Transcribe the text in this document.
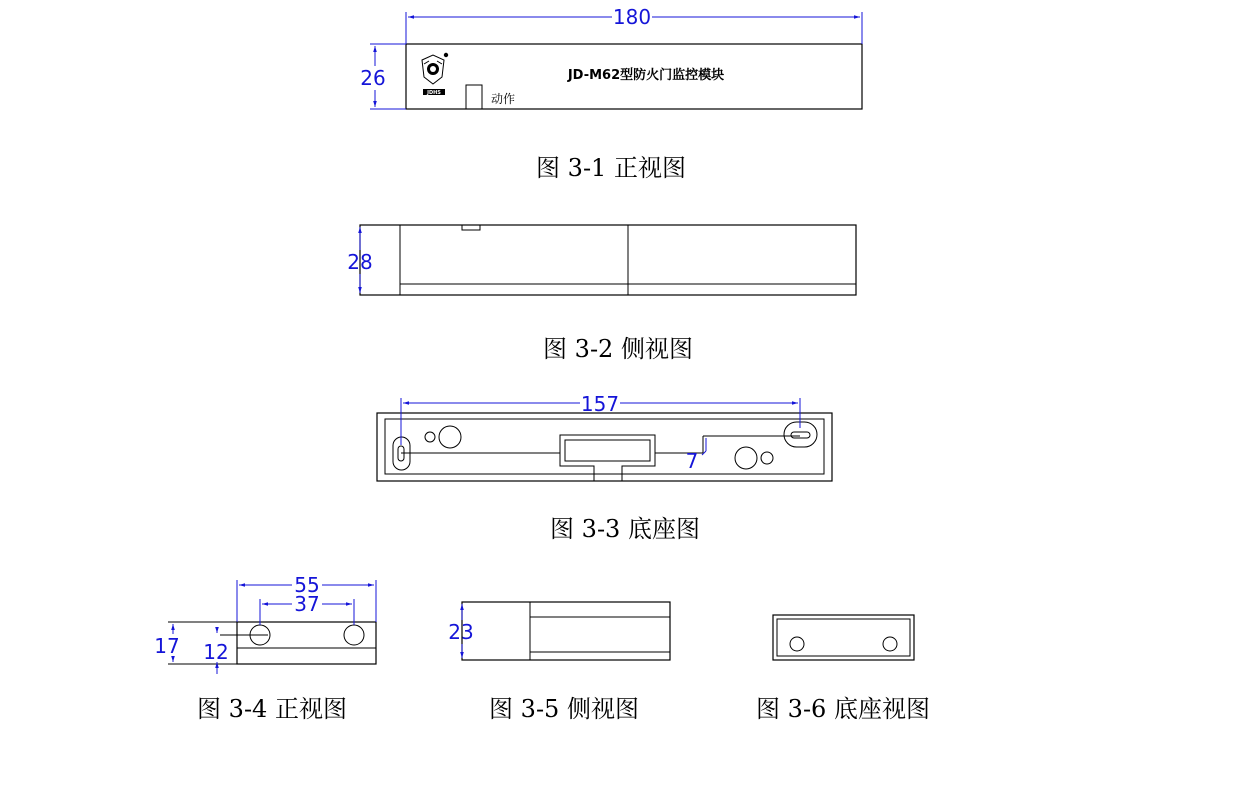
180
26
JDHS	动作
JD-M62型防火门监控模块
图 3-1 正视图
28
图 3-2 侧视图
157
7
图 3-3 底座图
55
37
17 12
图 3-4 正视图
23
图 3-5 侧视图	图 3-6 底座视图
